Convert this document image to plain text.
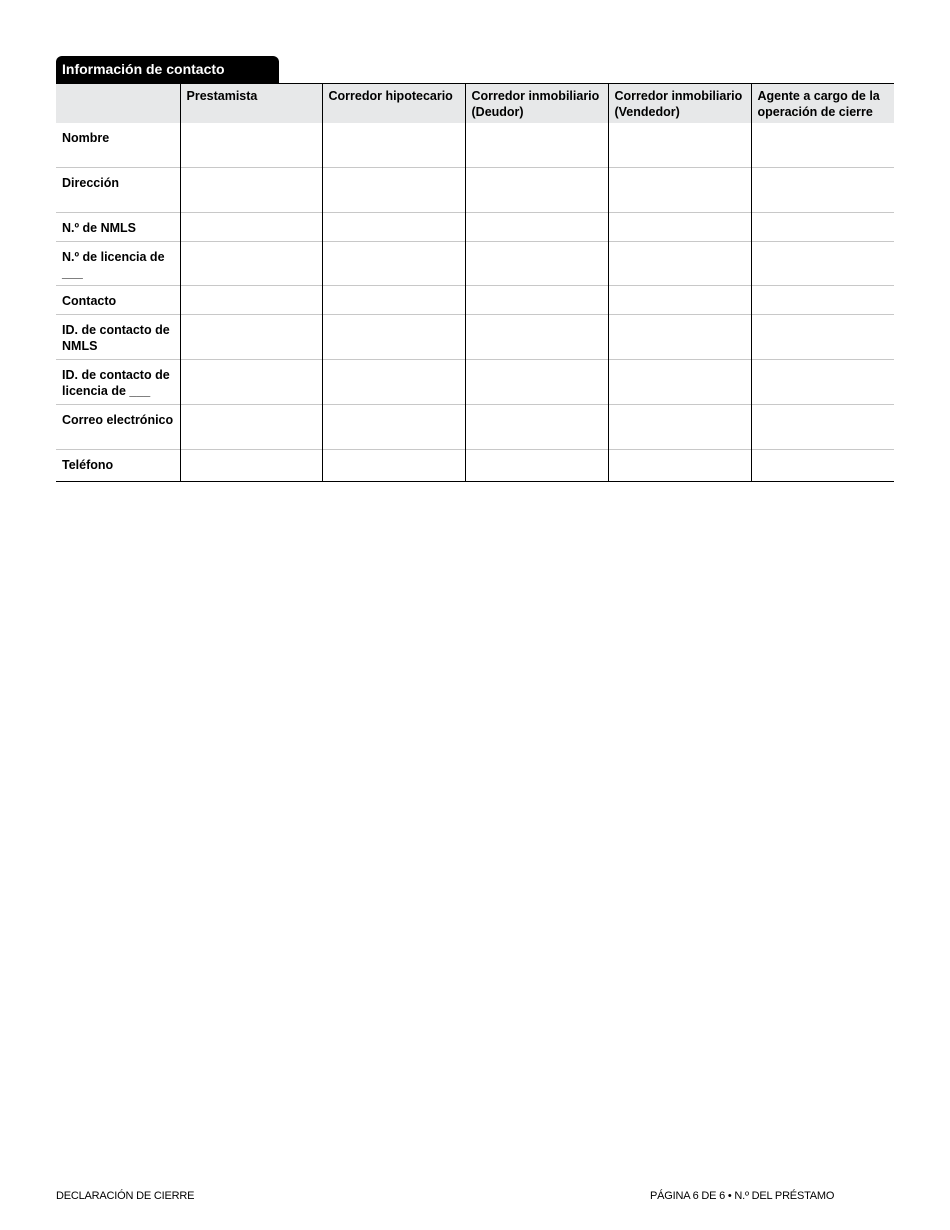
Información de contacto
	Prestamista	Corredor hipotecario	Corredor inmobiliario (Deudor)	Corredor inmobiliario (Vendedor)	Agente a cargo de la operación de cierre
Nombre					
Dirección					
N.º de NMLS					
N.º de licencia de ___					
Contacto					
ID. de contacto de NMLS					
ID. de contacto de licencia de ___					
Correo electrónico					
Teléfono					
DECLARACIÓN DE CIERRE	PÁGINA 6 DE 6 • N.º DEL PRÉSTAMO
